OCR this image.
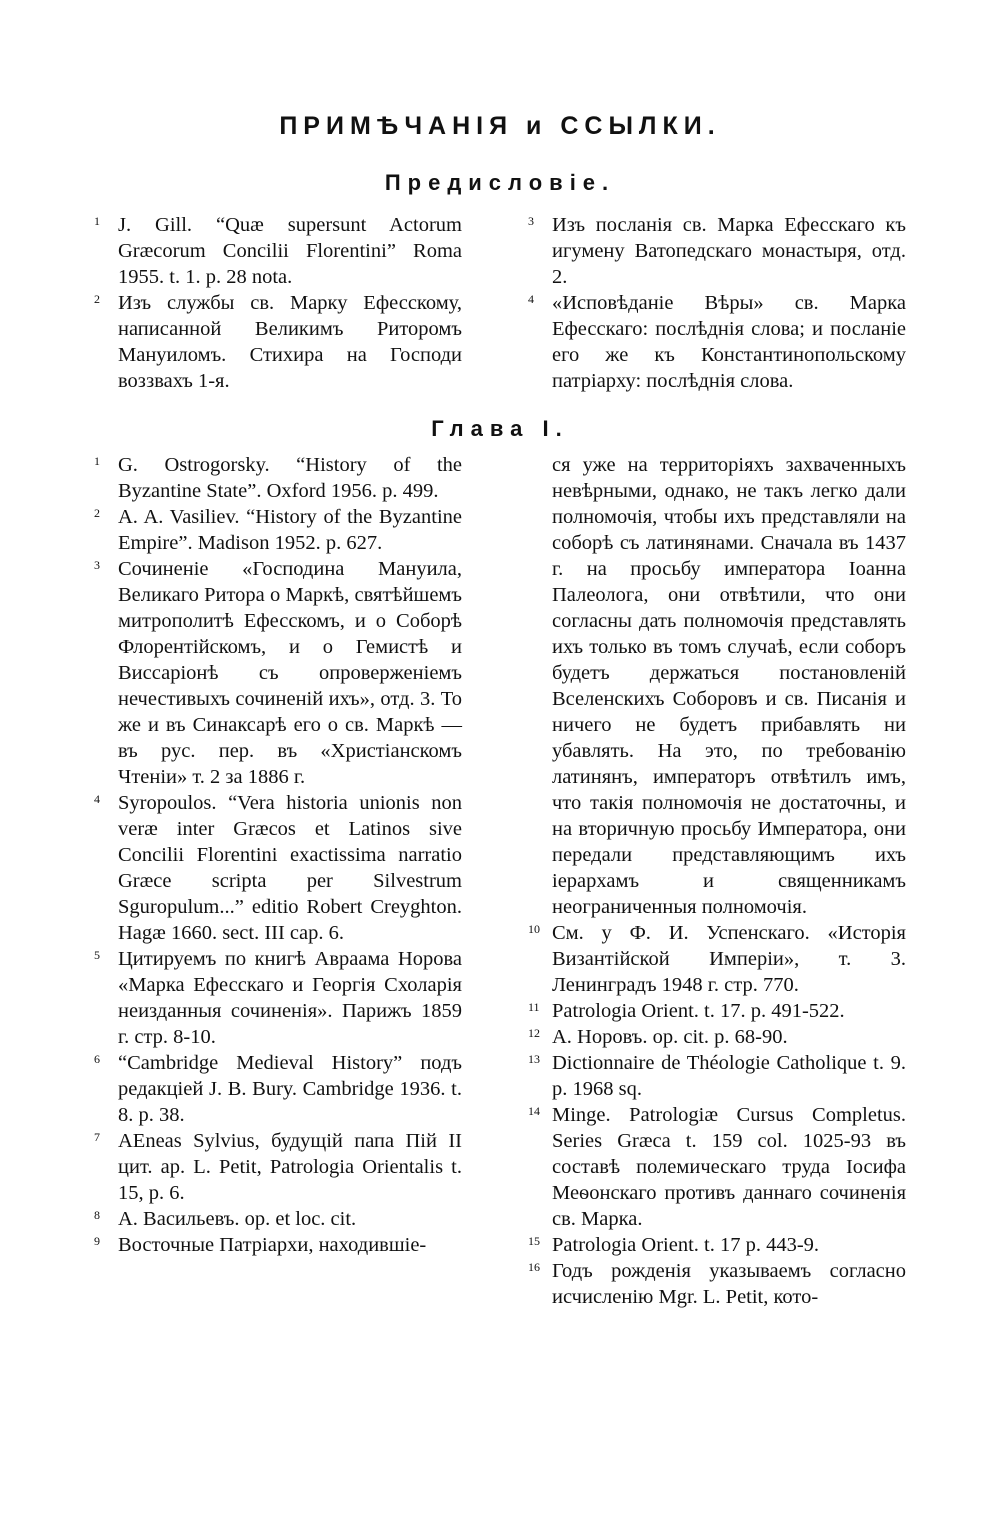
ПРИМѢЧАНІЯ и ССЫЛКИ.
Предисловіе.
1 J. Gill. “Quæ supersunt Actorum Græcorum Concilii Florentini” Roma 1955. t. 1. p. 28 nota.
2 Изъ службы св. Марку Ефесскому, написанной Великимъ Риторомъ Мануиломъ. Стихира на Господи воззвахъ 1-я.
3 Изъ посланія св. Марка Ефесскаго къ игумену Ватопедскаго монастыря, отд. 2.
4 «Исповѣданіе Вѣры» св. Марка Ефесскаго: послѣднія слова; и посланіе его же къ Константинопольскому патріарху: послѣднія слова.
Глава I.
1 G. Ostrogorsky. “History of the Byzantine State”. Oxford 1956. p. 499.
2 A. A. Vasiliev. “History of the Byzantine Empire”. Madison 1952. p. 627.
3 Сочиненіе «Господина Мануила, Великаго Ритора о Маркѣ, святѣйшемъ митрополитѣ Ефесскомъ, и о Соборѣ Флорентійскомъ, и о Гемистѣ и Виссаріонѣ съ опроверженіемъ нечестивыхъ сочиненій ихъ», отд. 3. То же и въ Синаксарѣ его о св. Маркѣ — въ рус. пер. въ «Христіанскомъ Чтеніи» т. 2 за 1886 г.
4 Syropoulos. “Vera historia unionis non veræ inter Græcos et Latinos sive Concilii Florentini exactissima narratio Græce scripta per Silvestrum Sguropulum...” editio Robert Creyghton. Hagæ 1660. sect. III cap. 6.
5 Цитируемъ по книгѣ Авраама Норова «Марка Ефесскаго и Георгія Схоларія неизданныя сочиненія». Парижъ 1859 г. стр. 8-10.
6 “Cambridge Medieval History” подъ редакціей J. B. Bury. Cambridge 1936. t. 8. p. 38.
7 AEneas Sylvius, будущій папа Пій II цит. ap. L. Petit, Patrologia Orientalis t. 15, p. 6.
8 А. Васильевъ. op. et loc. cit.
9 Восточные Патріархи, находившіе-
ся уже на территоріяхъ захваченныхъ невѣрными, однако, не такъ легко дали полномочія, чтобы ихъ представляли на соборѣ съ латинянами. Сначала въ 1437 г. на просьбу императора Іоанна Палеолога, они отвѣтили, что они согласны дать полномочія представлять ихъ только въ томъ случаѣ, если соборъ будетъ держаться постановленій Вселенскихъ Соборовъ и св. Писанія и ничего не будетъ прибавлять ни убавлять. На это, по требованію латинянъ, императоръ отвѣтилъ имъ, что такія полномочія не достаточны, и на вторичную просьбу Императора, они передали представляющимъ ихъ іерархамъ и священникамъ неограниченныя полномочія.
10 См. у Ф. И. Успенскаго. «Исторія Византійской Имперіи», т. 3. Ленинградъ 1948 г. стр. 770.
11 Patrologia Orient. t. 17. p. 491-522.
12 А. Норовъ. op. cit. p. 68-90.
13 Dictionnaire de Théologie Catholique t. 9. p. 1968 sq.
14 Minge. Patrologiæ Cursus Completus. Series Græca t. 159 col. 1025-93 въ составѣ полемическаго труда Іосифа Меѳонскаго противъ даннаго сочиненія св. Марка.
15 Patrologia Orient. t. 17 p. 443-9.
16 Годъ рожденія указываемъ согласно исчисленію Mgr. L. Petit, кото-
